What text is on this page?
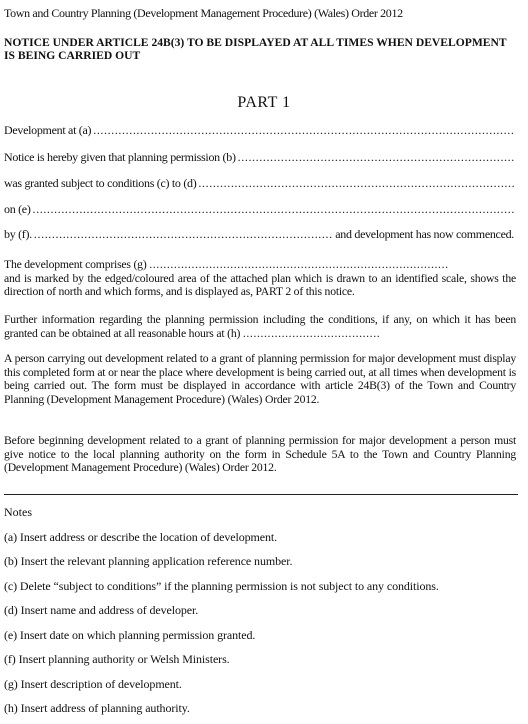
Town and Country Planning (Development Management Procedure) (Wales) Order 2012
NOTICE UNDER ARTICLE 24B(3) TO BE DISPLAYED AT ALL TIMES WHEN DEVELOPMENT IS BEING CARRIED OUT
PART 1
Development at (a)
.....
Notice is hereby given that planning permission (b)
.....
was granted subject to conditions (c) to (d)
.....
on (e)
.....
by (f).
.....	and development has now commenced.
The development comprises (g) .....................................................................................
and is marked by the edged/coloured area of the attached plan which is drawn to an identified scale, shows the direction of north and which forms, and is displayed as, PART 2 of this notice.
Further information regarding the planning permission including the conditions, if any, on which it has been granted can be obtained at all reasonable hours at (h) .......................................
A person carrying out development related to a grant of planning permission for major development must display this completed form at or near the place where development is being carried out, at all times when development is being carried out. The form must be displayed in accordance with article 24B(3) of the Town and Country Planning (Development Management Procedure) (Wales) Order 2012.
Before beginning development related to a grant of planning permission for major development a person must give notice to the local planning authority on the form in Schedule 5A to the Town and Country Planning (Development Management Procedure) (Wales) Order 2012.
Notes
(a) Insert address or describe the location of development.
(b) Insert the relevant planning application reference number.
(c) Delete “subject to conditions” if the planning permission is not subject to any conditions.
(d) Insert name and address of developer.
(e) Insert date on which planning permission granted.
(f) Insert planning authority or Welsh Ministers.
(g) Insert description of development.
(h) Insert address of planning authority.
